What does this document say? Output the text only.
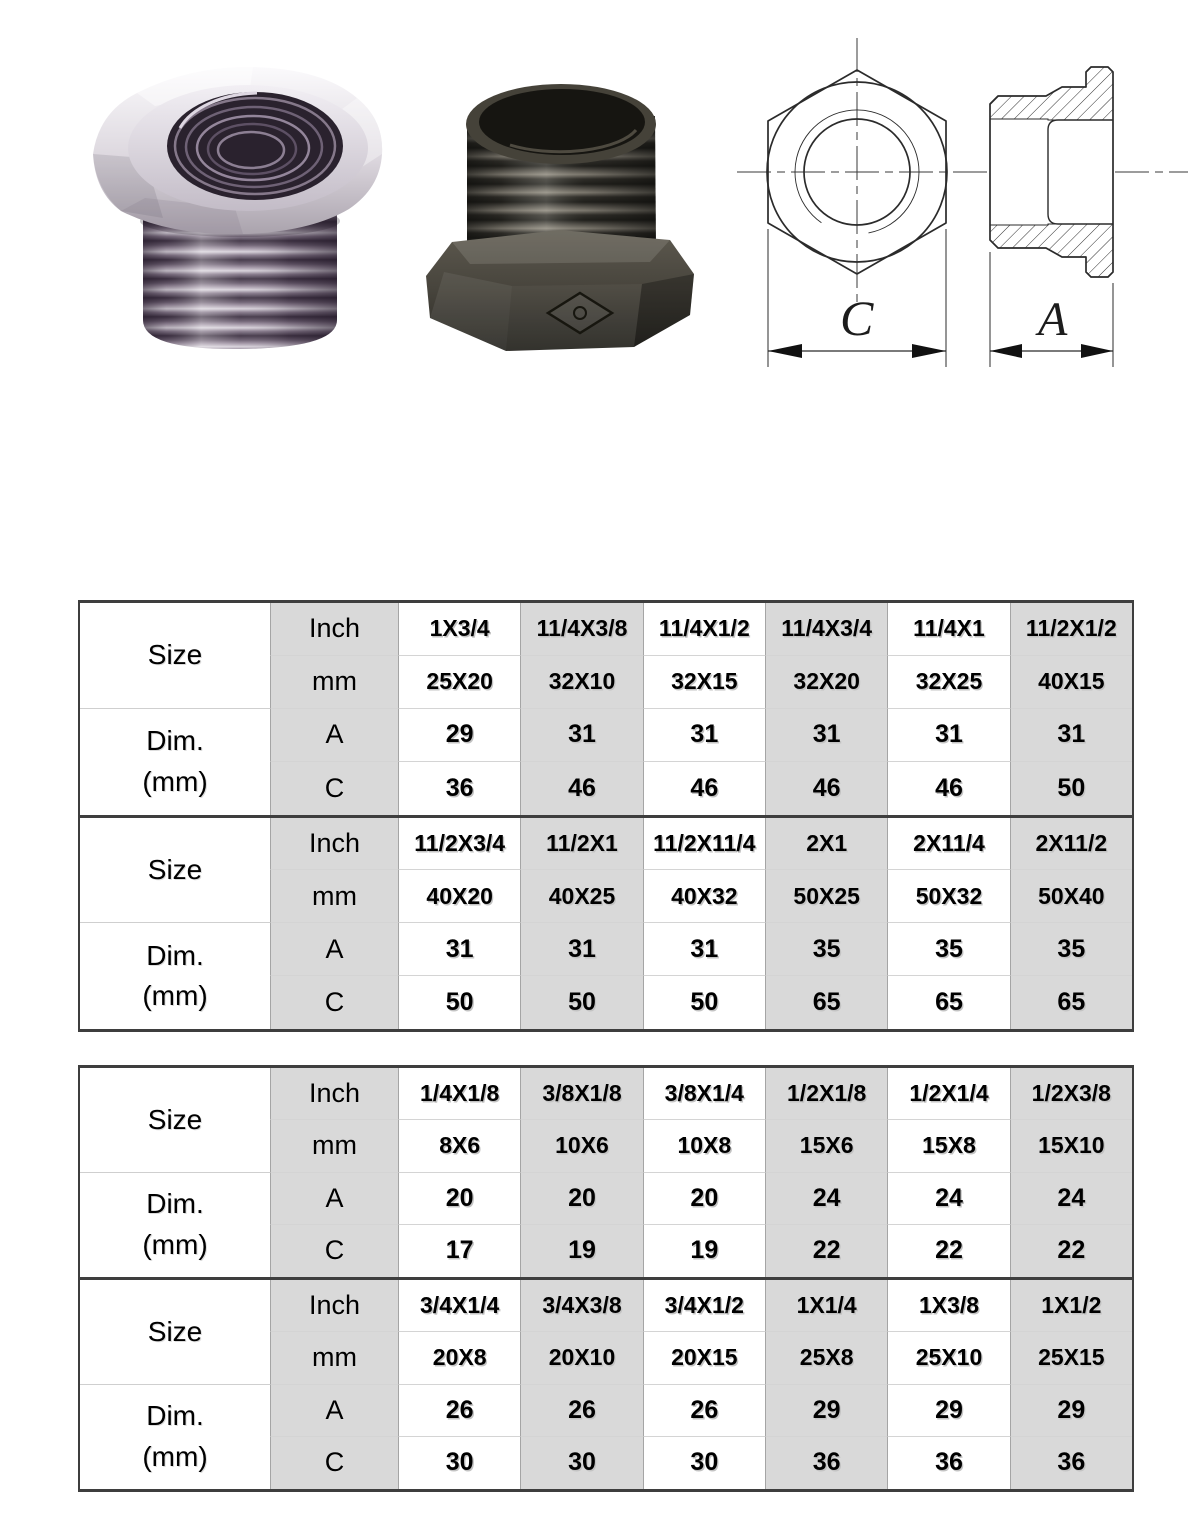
C	A
Size
Dim.
(mm)
Inch	1X3/4	11/4X3/8	11/4X1/2	11/4X3/4	11/4X1	11/2X1/2
mm	25X20	32X10	32X15	32X20	32X25	40X15
A	29	31	31	31	31	31
C	36	46	46	46	46	50
Size
Dim.
(mm)
Inch	11/2X3/4	11/2X1	11/2X11/4	2X1	2X11/4	2X11/2
mm	40X20	40X25	40X32	50X25	50X32	50X40
A	31	31	31	35	35	35
C	50	50	50	65	65	65
Size
Dim.
(mm)
Inch	1/4X1/8	3/8X1/8	3/8X1/4	1/2X1/8	1/2X1/4	1/2X3/8
mm	8X6	10X6	10X8	15X6	15X8	15X10
A	20	20	20	24	24	24
C	17	19	19	22	22	22
Size
Dim.
(mm)
Inch	3/4X1/4	3/4X3/8	3/4X1/2	1X1/4	1X3/8	1X1/2
mm	20X8	20X10	20X15	25X8	25X10	25X15
A	26	26	26	29	29	29
C	30	30	30	36	36	36
